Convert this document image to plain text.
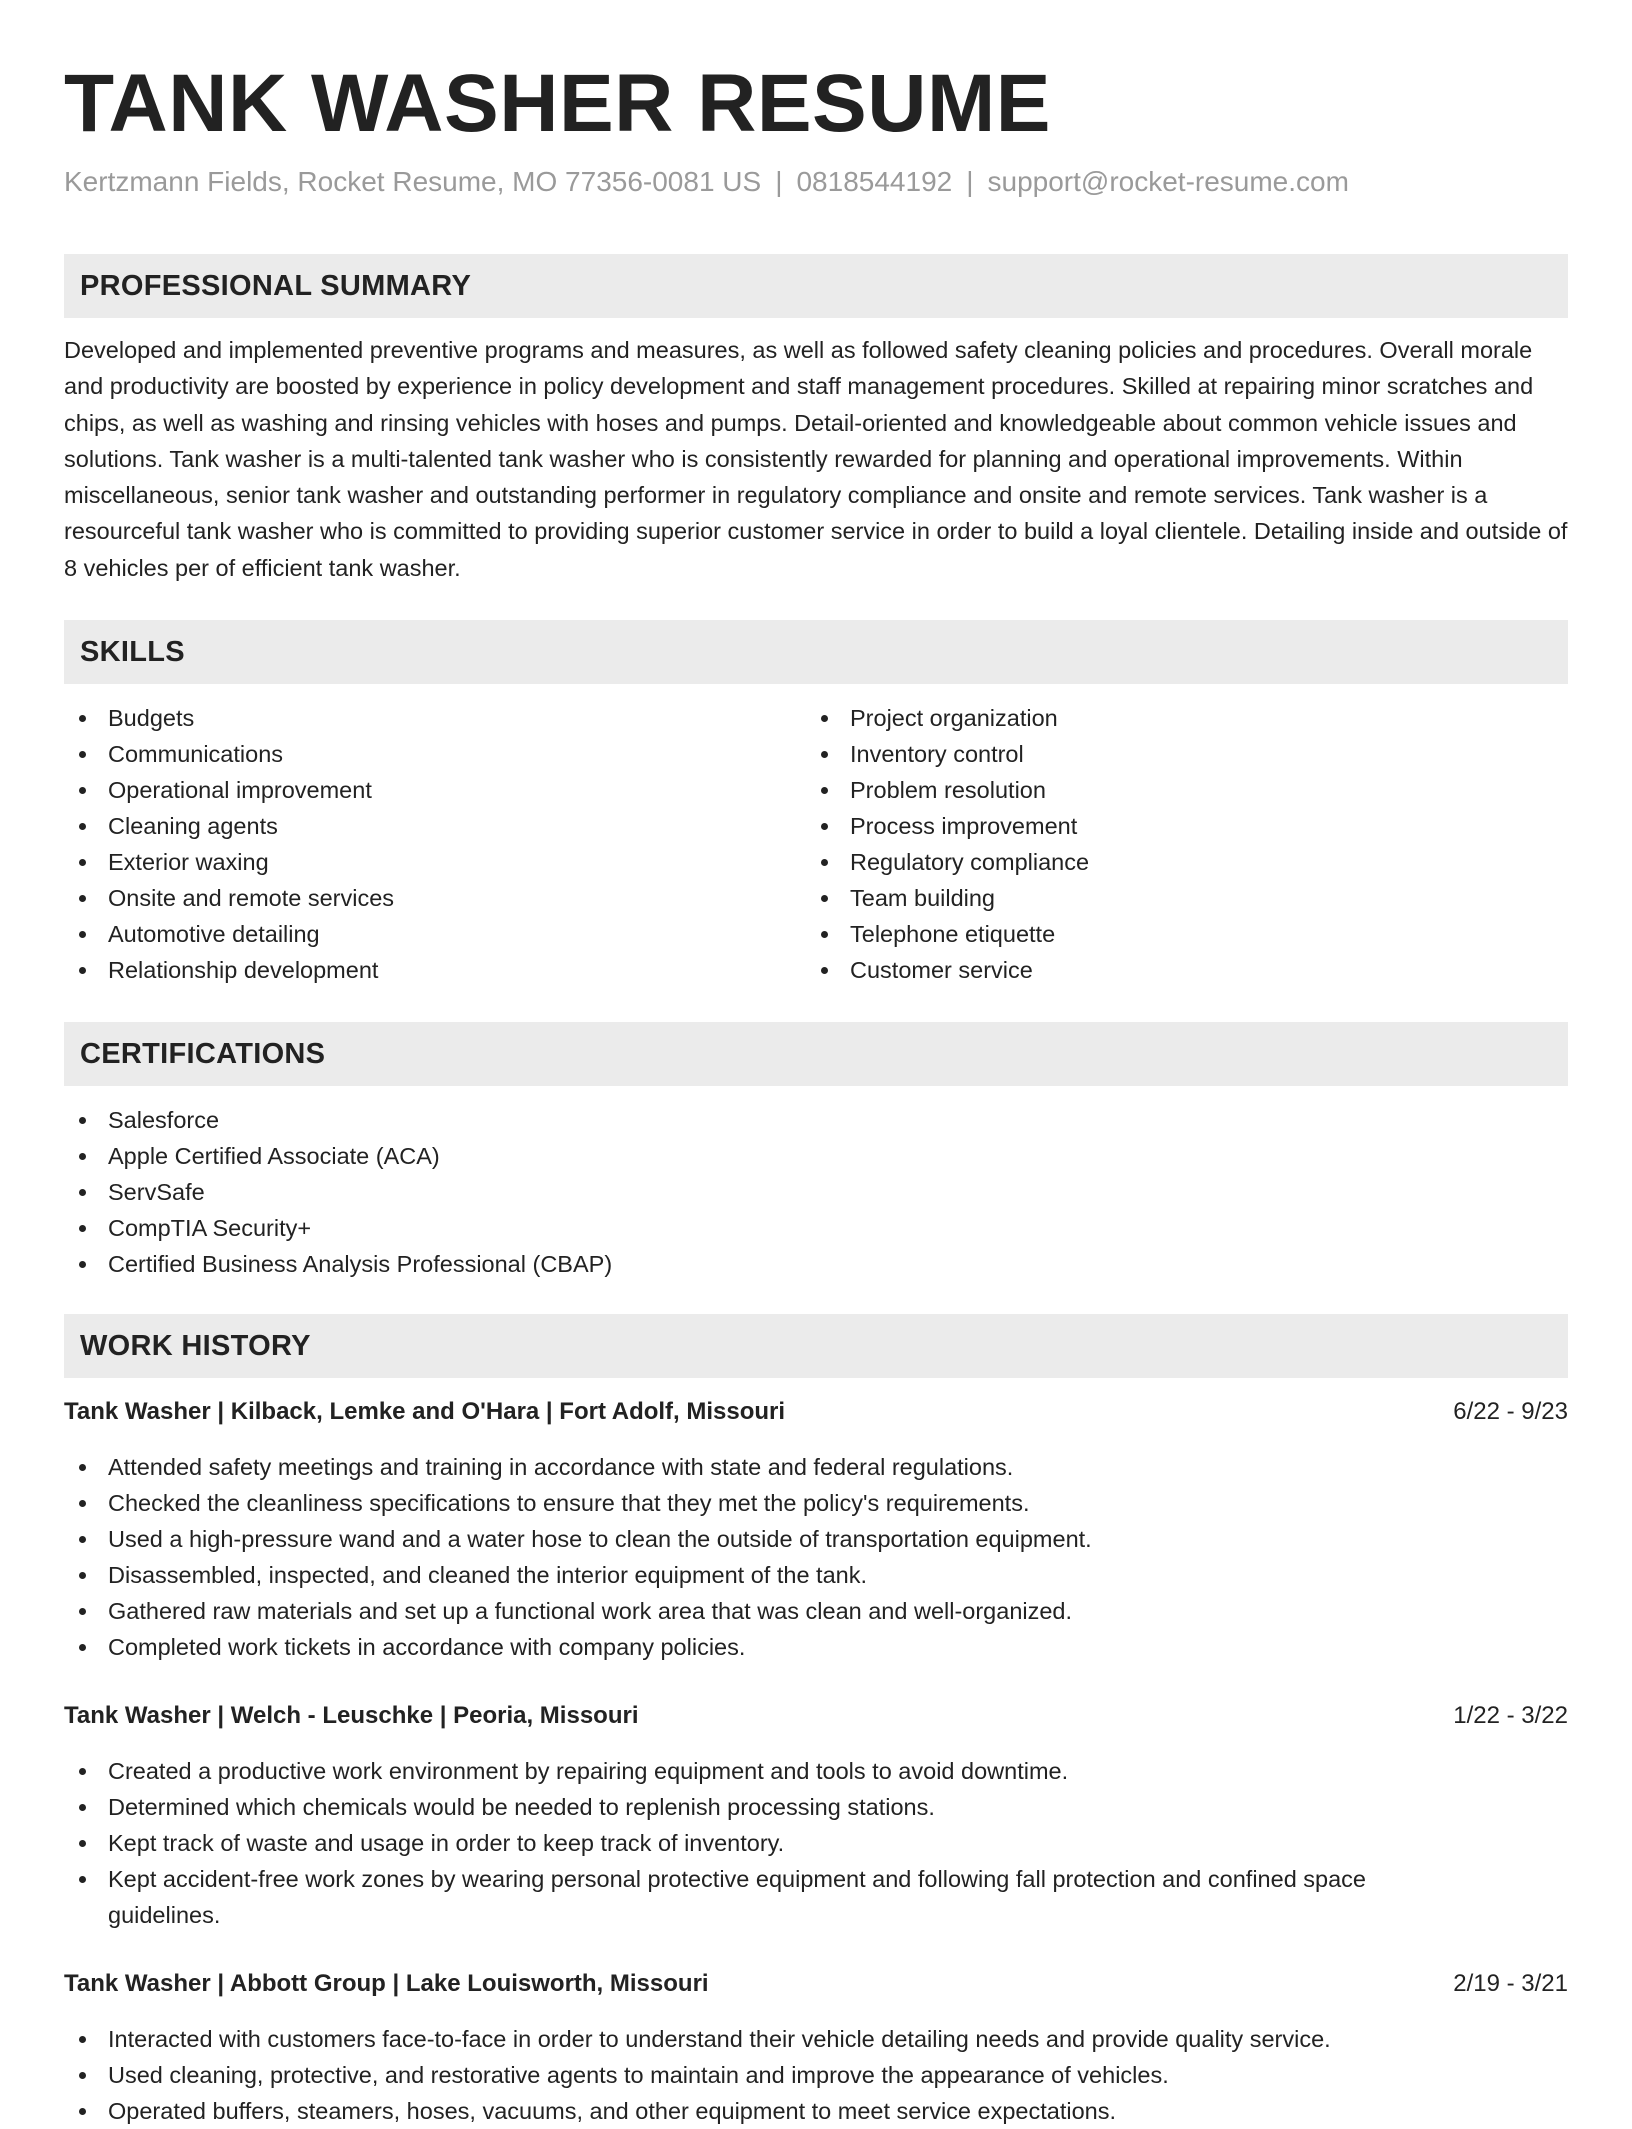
TANK WASHER RESUME
Kertzmann Fields, Rocket Resume, MO 77356-0081 US | 0818544192 | support@rocket-resume.com
PROFESSIONAL SUMMARY

Developed and implemented preventive programs and measures, as well as followed safety cleaning policies and procedures. Overall morale and productivity are boosted by experience in policy development and staff management procedures. Skilled at repairing minor scratches and chips, as well as washing and rinsing vehicles with hoses and pumps. Detail-oriented and knowledgeable about common vehicle issues and solutions. Tank washer is a multi-talented tank washer who is consistently rewarded for planning and operational improvements. Within miscellaneous, senior tank washer and outstanding performer in regulatory compliance and onsite and remote services. Tank washer is a resourceful tank washer who is committed to providing superior customer service in order to build a loyal clientele. Detailing inside and outside of 8 vehicles per of efficient tank washer.

SKILLS
Budgets
Communications
Operational improvement
Cleaning agents
Exterior waxing
Onsite and remote services
Automotive detailing
Relationship development
Project organization
Inventory control
Problem resolution
Process improvement
Regulatory compliance
Team building
Telephone etiquette
Customer service
CERTIFICATIONS
Salesforce
Apple Certified Associate (ACA)
ServSafe
CompTIA Security+
Certified Business Analysis Professional (CBAP)
WORK HISTORY
Tank Washer | Kilback, Lemke and O'Hara | Fort Adolf, Missouri	6/22 - 9/23
Attended safety meetings and training in accordance with state and federal regulations.
Checked the cleanliness specifications to ensure that they met the policy's requirements.
Used a high-pressure wand and a water hose to clean the outside of transportation equipment.
Disassembled, inspected, and cleaned the interior equipment of the tank.
Gathered raw materials and set up a functional work area that was clean and well-organized.
Completed work tickets in accordance with company policies.
Tank Washer | Welch - Leuschke | Peoria, Missouri	1/22 - 3/22
Created a productive work environment by repairing equipment and tools to avoid downtime.
Determined which chemicals would be needed to replenish processing stations.
Kept track of waste and usage in order to keep track of inventory.
Kept accident-free work zones by wearing personal protective equipment and following fall protection and confined space guidelines.
Tank Washer | Abbott Group | Lake Louisworth, Missouri	2/19 - 3/21
Interacted with customers face-to-face in order to understand their vehicle detailing needs and provide quality service.
Used cleaning, protective, and restorative agents to maintain and improve the appearance of vehicles.
Operated buffers, steamers, hoses, vacuums, and other equipment to meet service expectations.
